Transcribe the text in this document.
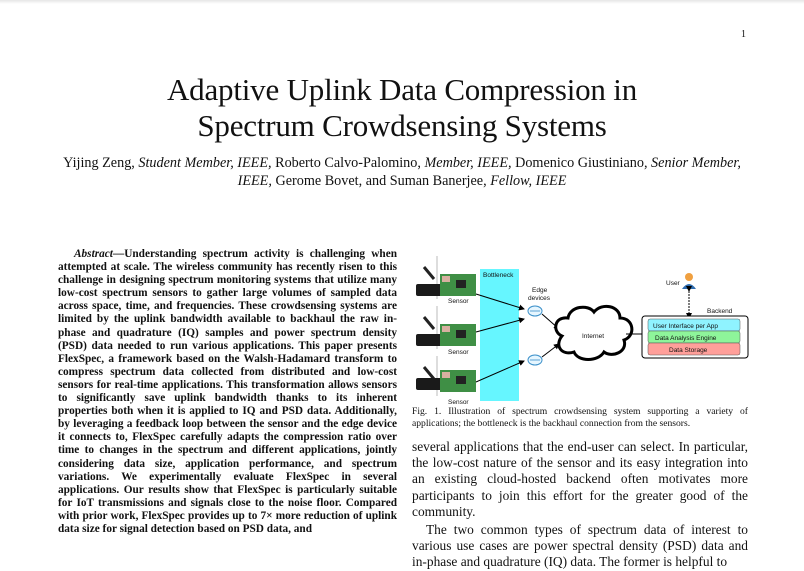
1
Adaptive Uplink Data Compression in
Spectrum Crowdsensing Systems
Yijing Zeng, Student Member, IEEE, Roberto Calvo-Palomino, Member, IEEE, Domenico Giustiniano, Senior Member, IEEE, Gerome Bovet, and Suman Banerjee, Fellow, IEEE

Abstract—Understanding spectrum activity is challenging when attempted at scale. The wireless community has recently risen to this challenge in designing spectrum monitoring systems that utilize many low-cost spectrum sensors to gather large volumes of sampled data across space, time, and frequencies. These crowdsensing systems are limited by the uplink bandwidth available to backhaul the raw in-phase and quadrature (IQ) samples and power spectrum density (PSD) data needed to run various applications. This paper presents FlexSpec, a framework based on the Walsh-Hadamard transform to compress spectrum data collected from distributed and low-cost sensors for real-time applications. This transformation allows sensors to significantly save uplink bandwidth thanks to its inherent properties both when it is applied to IQ and PSD data. Additionally, by leveraging a feedback loop between the sensor and the edge device it connects to, FlexSpec carefully adapts the compression ratio over time to changes in the spectrum and different applications, jointly considering data size, application performance, and spectrum variations. We experimentally evaluate FlexSpec in several applications. Our results show that FlexSpec is particularly suitable for IoT transmissions and signals close to the noise floor. Compared with prior work, FlexSpec provides up to 7× more reduction of uplink data size for signal detection based on PSD data, and

Bottleneck
Sensor
Sensor
Sensor
Edge
devices
Internet
User
Backend
User Interface per App
Data Analysis Engine
Data Storage
Fig. 1. Illustration of spectrum crowdsensing system supporting a variety of applications; the bottleneck is the backhaul connection from the sensors.

several applications that the end-user can select. In particular, the low-cost nature of the sensor and its easy integration into an existing cloud-hosted backend often motivates more participants to join this effort for the greater good of the community.

The two common types of spectrum data of interest to various use cases are power spectral density (PSD) data and in-phase and quadrature (IQ) data. The former is helpful to
